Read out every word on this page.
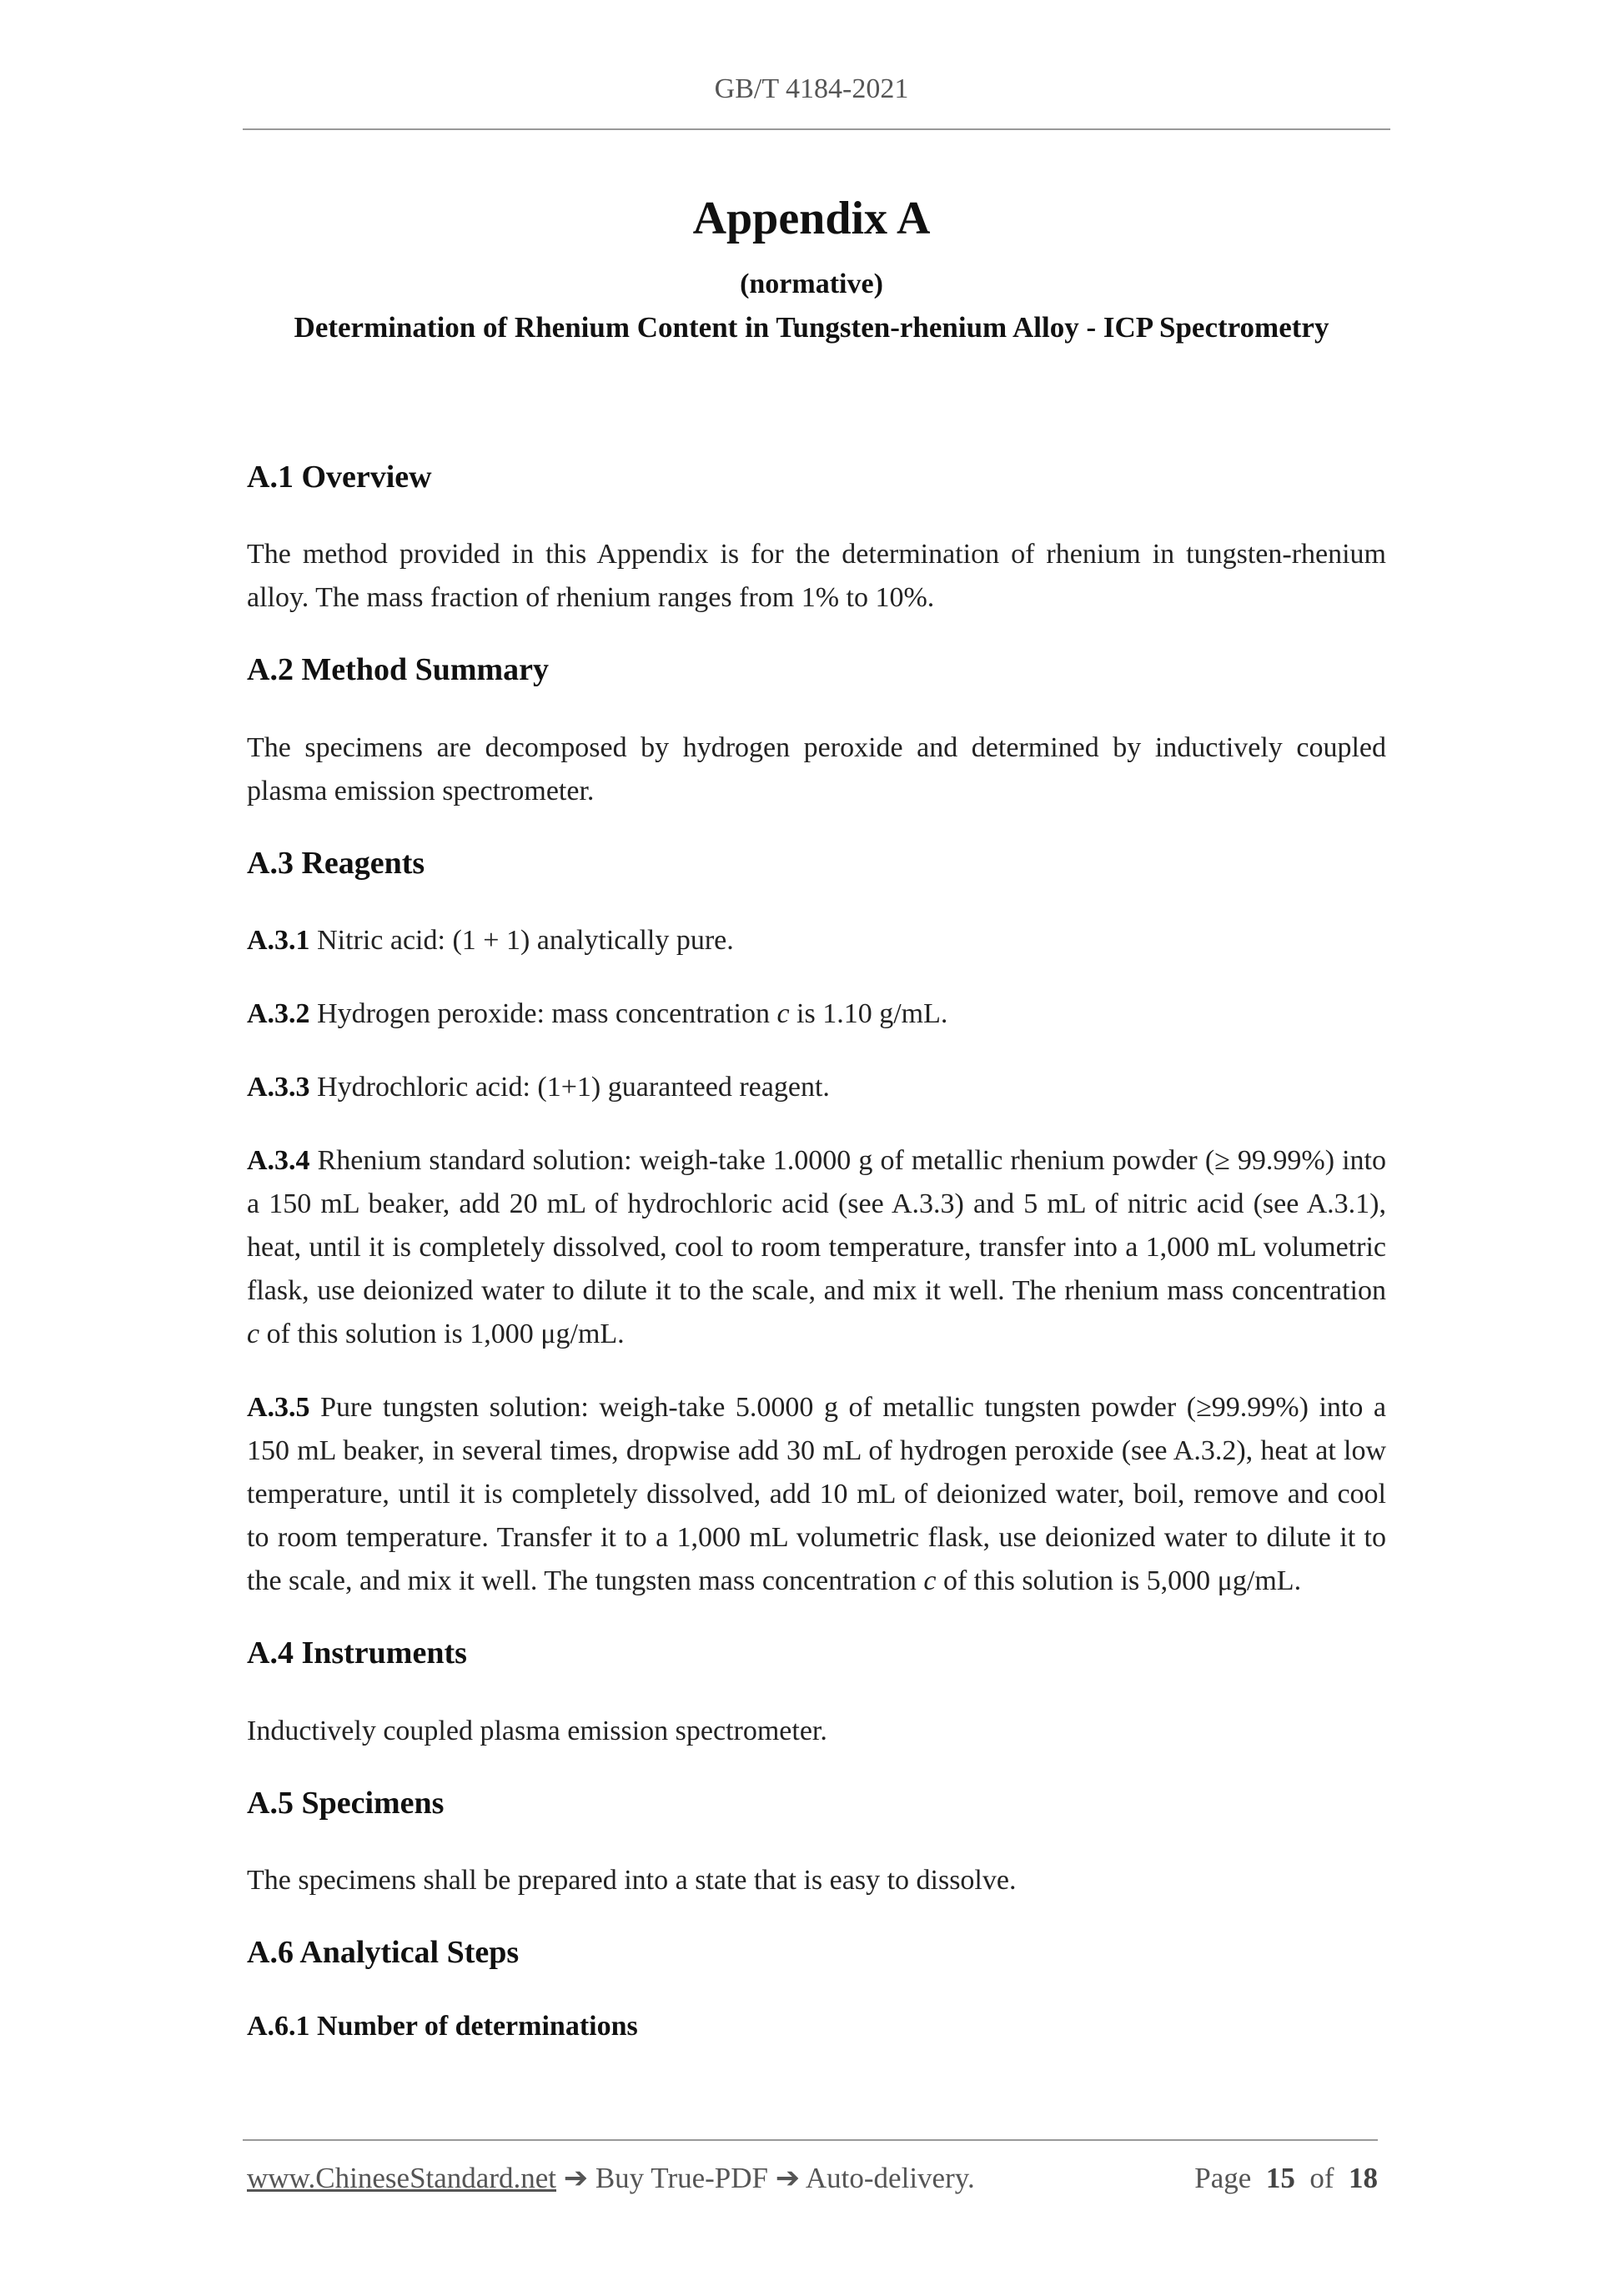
GB/T 4184-2021
Appendix A
(normative)
Determination of Rhenium Content in Tungsten-rhenium Alloy - ICP Spectrometry
A.1 Overview

The method provided in this Appendix is for the determination of rhenium in tungsten-rhenium alloy. The mass fraction of rhenium ranges from 1% to 10%.

A.2 Method Summary

The specimens are decomposed by hydrogen peroxide and determined by inductively coupled plasma emission spectrometer.

A.3 Reagents

A.3.1 Nitric acid: (1 + 1) analytically pure.

A.3.2 Hydrogen peroxide: mass concentration c is 1.10 g/mL.

A.3.3 Hydrochloric acid: (1+1) guaranteed reagent.

A.3.4 Rhenium standard solution: weigh-take 1.0000 g of metallic rhenium powder (≥ 99.99%) into a 150 mL beaker, add 20 mL of hydrochloric acid (see A.3.3) and 5 mL of nitric acid (see A.3.1), heat, until it is completely dissolved, cool to room temperature, transfer into a 1,000 mL volumetric flask, use deionized water to dilute it to the scale, and mix it well. The rhenium mass concentration c of this solution is 1,000 μg/mL.

A.3.5 Pure tungsten solution: weigh-take 5.0000 g of metallic tungsten powder (≥99.99%) into a 150 mL beaker, in several times, dropwise add 30 mL of hydrogen peroxide (see A.3.2), heat at low temperature, until it is completely dissolved, add 10 mL of deionized water, boil, remove and cool to room temperature. Transfer it to a 1,000 mL volumetric flask, use deionized water to dilute it to the scale, and mix it well. The tungsten mass concentration c of this solution is 5,000 μg/mL.

A.4 Instruments

Inductively coupled plasma emission spectrometer.

A.5 Specimens

The specimens shall be prepared into a state that is easy to dissolve.

A.6 Analytical Steps
A.6.1 Number of determinations
www.ChineseStandard.net ➔ Buy True-PDF ➔ Auto-delivery.	Page 15 of 18
